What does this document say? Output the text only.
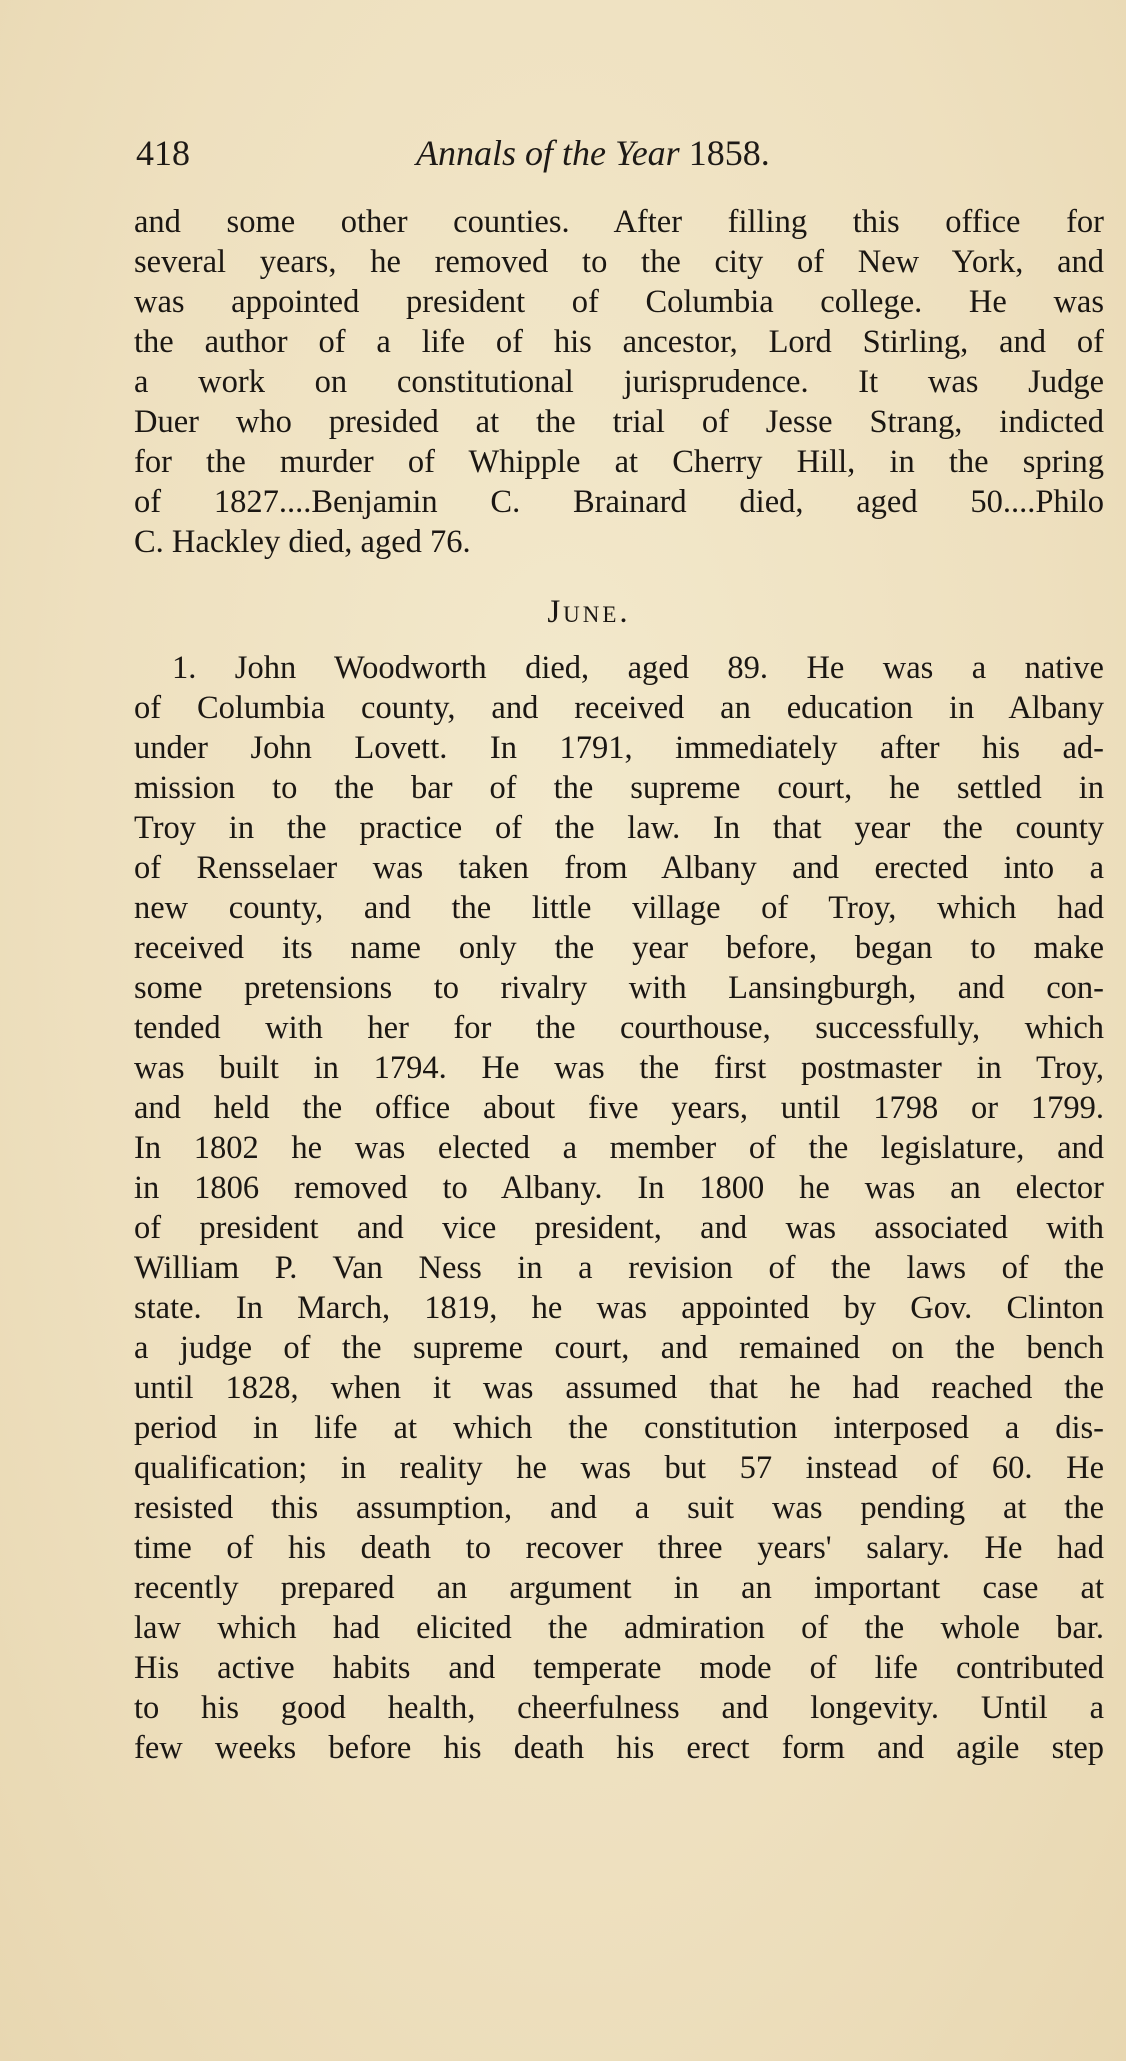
418	Annals of the Year 1858.
and some other counties. After filling this office for
several years, he removed to the city of New York, and
was appointed president of Columbia college. He was
the author of a life of his ancestor, Lord Stirling, and of
a work on constitutional jurisprudence. It was Judge
Duer who presided at the trial of Jesse Strang, indicted
for the murder of Whipple at Cherry Hill, in the spring
of 1827....Benjamin C. Brainard died, aged 50....Philo
C. Hackley died, aged 76.
June.
1. John Woodworth died, aged 89. He was a native
of Columbia county, and received an education in Albany
under John Lovett. In 1791, immediately after his ad-
mission to the bar of the supreme court, he settled in
Troy in the practice of the law. In that year the county
of Rensselaer was taken from Albany and erected into a
new county, and the little village of Troy, which had
received its name only the year before, began to make
some pretensions to rivalry with Lansingburgh, and con-
tended with her for the courthouse, successfully, which
was built in 1794. He was the first postmaster in Troy,
and held the office about five years, until 1798 or 1799.
In 1802 he was elected a member of the legislature, and
in 1806 removed to Albany. In 1800 he was an elector
of president and vice president, and was associated with
William P. Van Ness in a revision of the laws of the
state. In March, 1819, he was appointed by Gov. Clinton
a judge of the supreme court, and remained on the bench
until 1828, when it was assumed that he had reached the
period in life at which the constitution interposed a dis-
qualification; in reality he was but 57 instead of 60. He
resisted this assumption, and a suit was pending at the
time of his death to recover three years' salary. He had
recently prepared an argument in an important case at
law which had elicited the admiration of the whole bar.
His active habits and temperate mode of life contributed
to his good health, cheerfulness and longevity. Until a
few weeks before his death his erect form and agile step
